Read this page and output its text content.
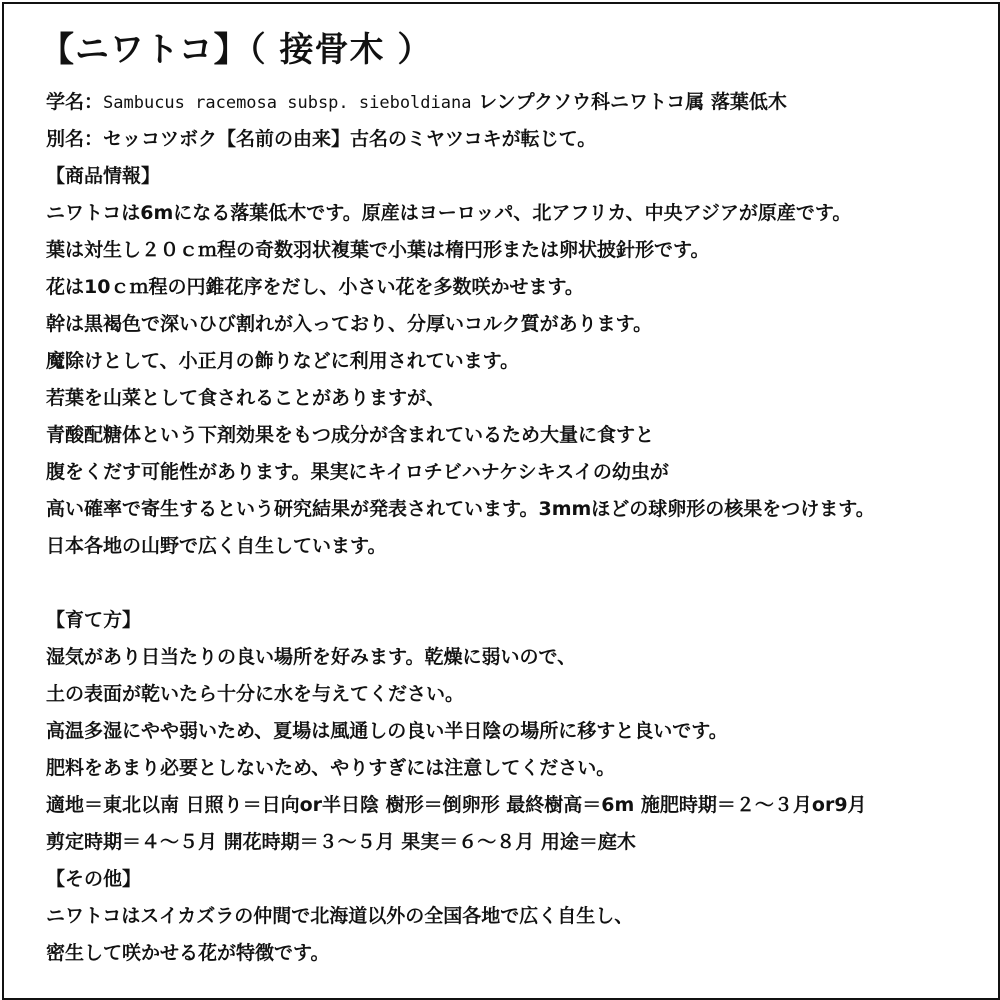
【ニワトコ】（ 接骨木 ）
学名：Sambucus racemosa subsp. sieboldiana レンプクソウ科ニワトコ属 落葉低木
別名：セッコツボク【名前の由来】古名のミヤツコキが転じて。
【商品情報】
ニワトコは6mになる落葉低木です。原産はヨーロッパ、北アフリカ、中央アジアが原産です。
葉は対生し２０ｃｍ程の奇数羽状複葉で小葉は楕円形または卵状披針形です。
花は10ｃｍ程の円錐花序をだし、小さい花を多数咲かせます。
幹は黒褐色で深いひび割れが入っており、分厚いコルク質があります。
魔除けとして、小正月の飾りなどに利用されています。
若葉を山菜として食されることがありますが、
青酸配糖体という下剤効果をもつ成分が含まれているため大量に食すと
腹をくだす可能性があります。果実にキイロチビハナケシキスイの幼虫が
高い確率で寄生するという研究結果が発表されています。3mmほどの球卵形の核果をつけます。
日本各地の山野で広く自生しています。
【育て方】
湿気があり日当たりの良い場所を好みます。乾燥に弱いので、
土の表面が乾いたら十分に水を与えてください。
高温多湿にやや弱いため、夏場は風通しの良い半日陰の場所に移すと良いです。
肥料をあまり必要としないため、やりすぎには注意してください。
適地＝東北以南 日照り＝日向or半日陰 樹形＝倒卵形 最終樹高＝6m 施肥時期＝２～３月or9月
剪定時期＝４～５月 開花時期＝３～５月 果実＝６～８月 用途＝庭木
【その他】
ニワトコはスイカズラの仲間で北海道以外の全国各地で広く自生し、
密生して咲かせる花が特徴です。
